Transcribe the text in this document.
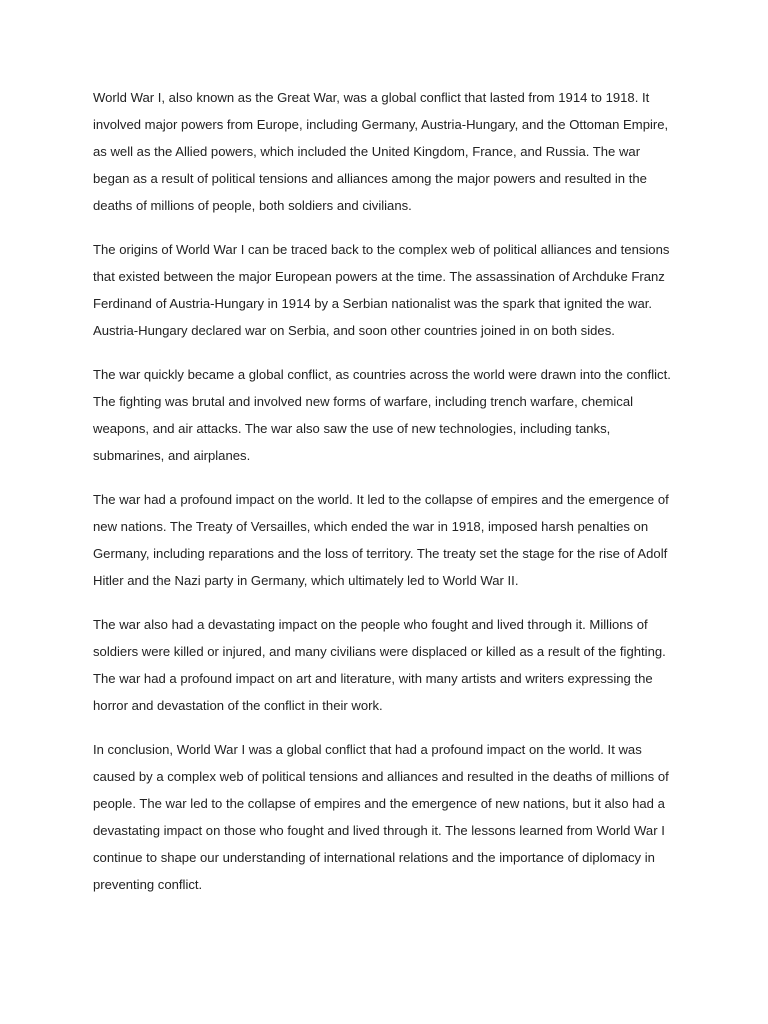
World War I, also known as the Great War, was a global conflict that lasted from 1914 to 1918. It involved major powers from Europe, including Germany, Austria-Hungary, and the Ottoman Empire, as well as the Allied powers, which included the United Kingdom, France, and Russia. The war began as a result of political tensions and alliances among the major powers and resulted in the deaths of millions of people, both soldiers and civilians.

The origins of World War I can be traced back to the complex web of political alliances and tensions that existed between the major European powers at the time. The assassination of Archduke Franz Ferdinand of Austria-Hungary in 1914 by a Serbian nationalist was the spark that ignited the war. Austria-Hungary declared war on Serbia, and soon other countries joined in on both sides.

The war quickly became a global conflict, as countries across the world were drawn into the conflict. The fighting was brutal and involved new forms of warfare, including trench warfare, chemical weapons, and air attacks. The war also saw the use of new technologies, including tanks, submarines, and airplanes.

The war had a profound impact on the world. It led to the collapse of empires and the emergence of new nations. The Treaty of Versailles, which ended the war in 1918, imposed harsh penalties on Germany, including reparations and the loss of territory. The treaty set the stage for the rise of Adolf Hitler and the Nazi party in Germany, which ultimately led to World War II.

The war also had a devastating impact on the people who fought and lived through it. Millions of soldiers were killed or injured, and many civilians were displaced or killed as a result of the fighting. The war had a profound impact on art and literature, with many artists and writers expressing the horror and devastation of the conflict in their work.

In conclusion, World War I was a global conflict that had a profound impact on the world. It was caused by a complex web of political tensions and alliances and resulted in the deaths of millions of people. The war led to the collapse of empires and the emergence of new nations, but it also had a devastating impact on those who fought and lived through it. The lessons learned from World War I continue to shape our understanding of international relations and the importance of diplomacy in preventing conflict.
